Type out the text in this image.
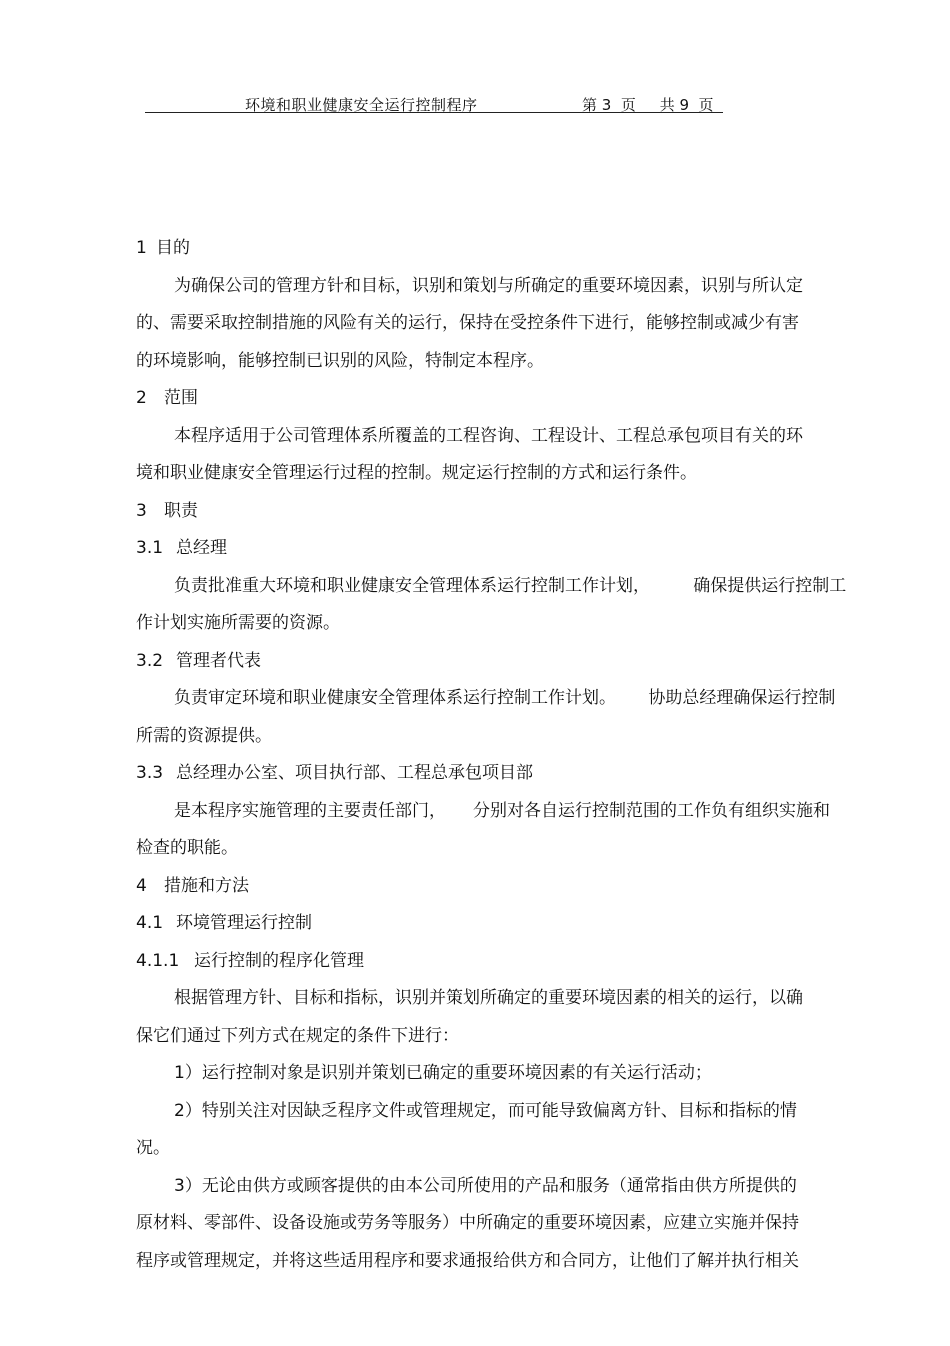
环境和职业健康安全运行控制程序	第 3  页     共 9  页

1 目的

为确保公司的管理方针和目标，识别和策划与所确定的重要环境因素，识别与所认定

的、需要采取控制措施的风险有关的运行，保持在受控条件下进行，能够控制或减少有害

的环境影响，能够控制已识别的风险，特制定本程序。

2 范围

本程序适用于公司管理体系所覆盖的工程咨询、工程设计、工程总承包项目有关的环

境和职业健康安全管理运行过程的控制。规定运行控制的方式和运行条件。

3 职责

3.1 总经理

负责批准重大环境和职业健康安全管理体系运行控制工作计划，        确保提供运行控制工

作计划实施所需要的资源。

3.2 管理者代表

负责审定环境和职业健康安全管理体系运行控制工作计划。      协助总经理确保运行控制

所需的资源提供。

3.3 总经理办公室、项目执行部、工程总承包项目部

是本程序实施管理的主要责任部门，     分别对各自运行控制范围的工作负有组织实施和

检查的职能。

4 措施和方法

4.1 环境管理运行控制

4.1.1 运行控制的程序化管理

根据管理方针、目标和指标，识别并策划所确定的重要环境因素的相关的运行，以确

保它们通过下列方式在规定的条件下进行：

1）运行控制对象是识别并策划已确定的重要环境因素的有关运行活动；

2）特别关注对因缺乏程序文件或管理规定，而可能导致偏离方针、目标和指标的情

况。

3）无论由供方或顾客提供的由本公司所使用的产品和服务（通常指由供方所提供的

原材料、零部件、设备设施或劳务等服务）中所确定的重要环境因素，应建立实施并保持

程序或管理规定，并将这些适用程序和要求通报给供方和合同方，让他们了解并执行相关
